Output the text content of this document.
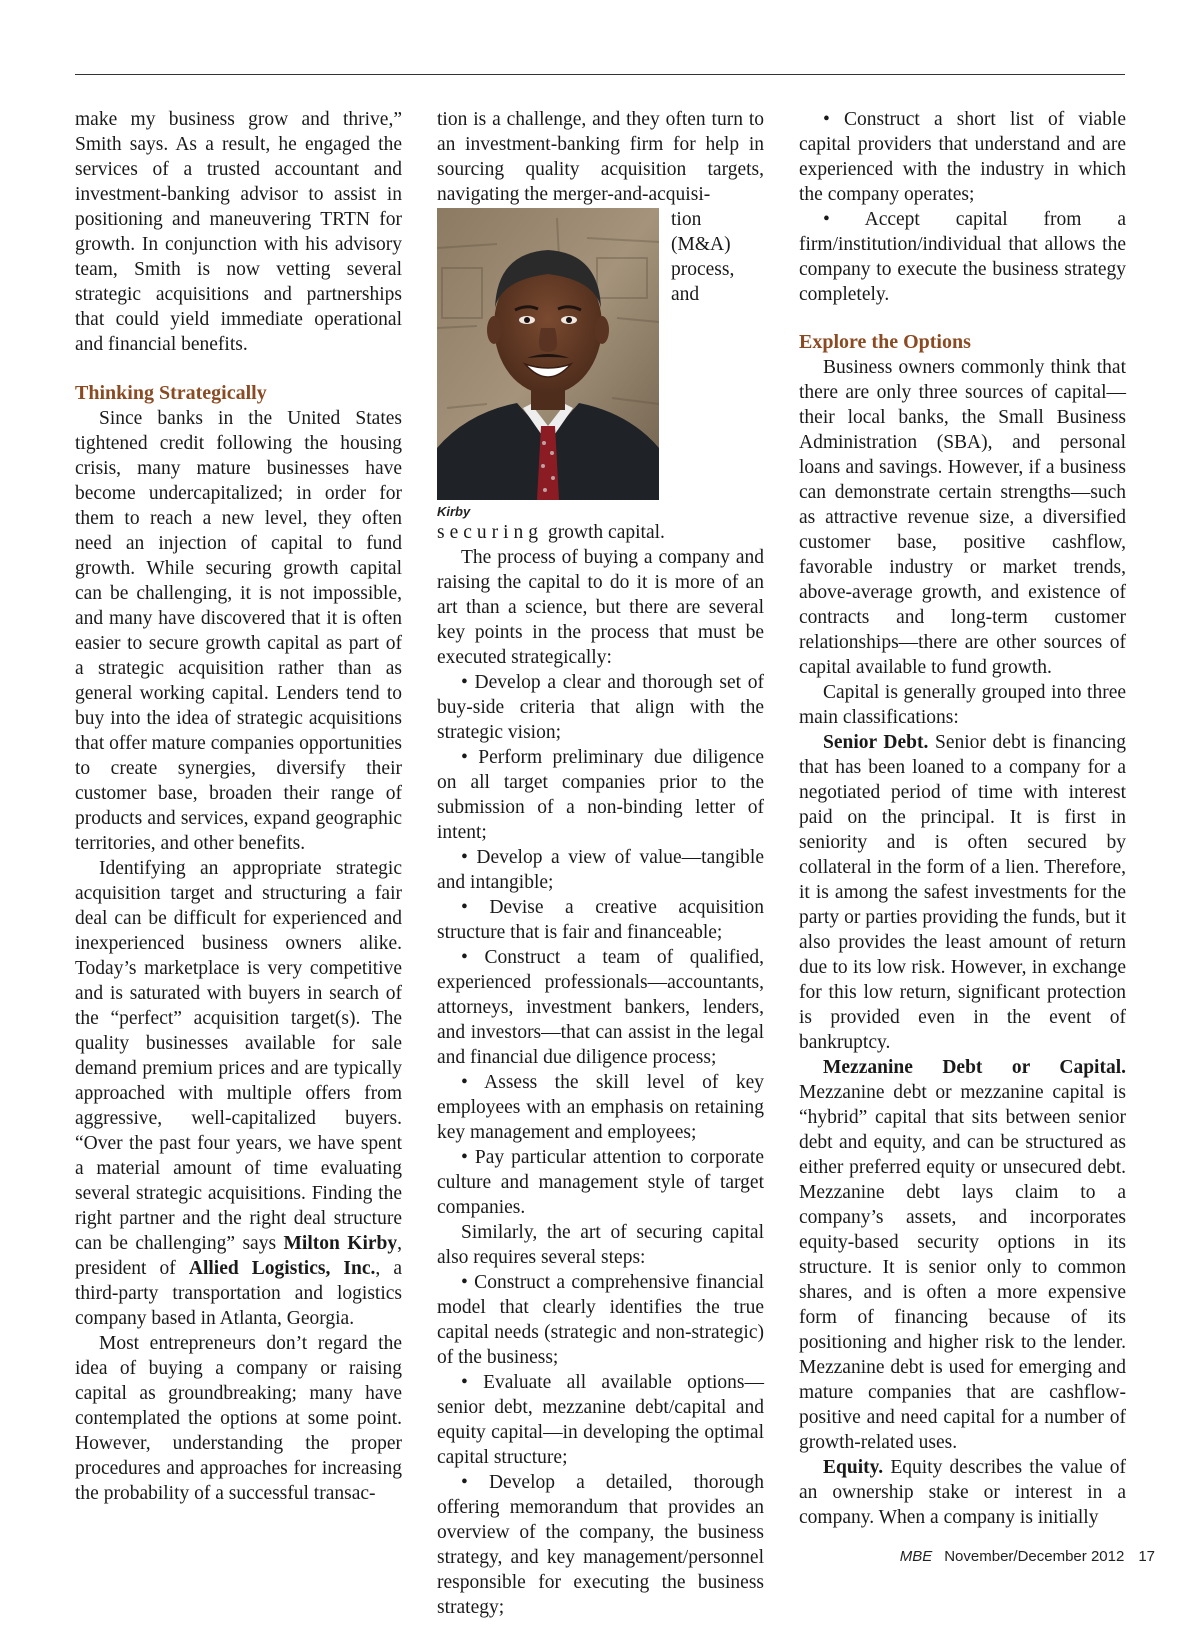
make my business grow and thrive,” Smith says. As a result, he engaged the services of a trusted accountant and investment-banking advisor to assist in positioning and maneuvering TRTN for growth. In conjunction with his advisory team, Smith is now vetting several strategic acquisitions and partnerships that could yield immediate operational and financial benefits.

Thinking Strategically

Since banks in the United States tightened credit following the housing crisis, many mature businesses have become undercapitalized; in order for them to reach a new level, they often need an injection of capital to fund growth. While securing growth capital can be challenging, it is not impossible, and many have discovered that it is often easier to secure growth capital as part of a strategic acquisition rather than as general working capital. Lenders tend to buy into the idea of strategic acquisitions that offer mature companies opportunities to create synergies, diversify their customer base, broaden their range of products and services, expand geographic territories, and other benefits.

Identifying an appropriate strategic acquisition target and structuring a fair deal can be difficult for experienced and inexperienced business owners alike. Today’s marketplace is very competitive and is saturated with buyers in search of the “perfect” acquisition target(s). The quality businesses available for sale demand premium prices and are typically approached with multiple offers from aggressive, well-capitalized buyers. “Over the past four years, we have spent a material amount of time evaluating several strategic acquisitions. Finding the right partner and the right deal structure can be challenging” says Milton Kirby, president of Allied Logistics, Inc., a third-party transportation and logistics company based in Atlanta, Georgia.

Most entrepreneurs don’t regard the idea of buying a company or raising capital as groundbreaking; many have contemplated the options at some point. However, understanding the proper procedures and approaches for increasing the probability of a successful transac-

tion is a challenge, and they often turn to an investment-banking firm for help in sourcing quality acquisition targets, navigating the merger-and-acquisi-

Kirby

tion (M&A) process, and securing growth capital.

The process of buying a company and raising the capital to do it is more of an art than a science, but there are several key points in the process that must be executed strategically:

• Develop a clear and thorough set of buy-side criteria that align with the strategic vision;

• Perform preliminary due diligence on all target companies prior to the submission of a non-binding letter of intent;

• Develop a view of value—tangible and intangible;

• Devise a creative acquisition structure that is fair and financeable;

• Construct a team of qualified, experienced professionals—accountants, attorneys, investment bankers, lenders, and investors—that can assist in the legal and financial due diligence process;

• Assess the skill level of key employees with an emphasis on retaining key management and employees;

• Pay particular attention to corporate culture and management style of target companies.

Similarly, the art of securing capital also requires several steps:

• Construct a comprehensive financial model that clearly identifies the true capital needs (strategic and non-strategic) of the business;

• Evaluate all available options—senior debt, mezzanine debt/capital and equity capital—in developing the optimal capital structure;

• Develop a detailed, thorough offering memorandum that provides an overview of the company, the business strategy, and key management/personnel responsible for executing the business strategy;

• Construct a short list of viable capital providers that understand and are experienced with the industry in which the company operates;

• Accept capital from a firm/institution/individual that allows the company to execute the business strategy completely.

Explore the Options

Business owners commonly think that there are only three sources of capital—their local banks, the Small Business Administration (SBA), and personal loans and savings. However, if a business can demonstrate certain strengths—such as attractive revenue size, a diversified customer base, positive cashflow, favorable industry or market trends, above-average growth, and existence of contracts and long-term customer relationships—there are other sources of capital available to fund growth.

Capital is generally grouped into three main classifications:

Senior Debt. Senior debt is financing that has been loaned to a company for a negotiated period of time with interest paid on the principal. It is first in seniority and is often secured by collateral in the form of a lien. Therefore, it is among the safest investments for the party or parties providing the funds, but it also provides the least amount of return due to its low risk. However, in exchange for this low return, significant protection is provided even in the event of bankruptcy.

Mezzanine Debt or Capital. Mezzanine debt or mezzanine capital is “hybrid” capital that sits between senior debt and equity, and can be structured as either preferred equity or unsecured debt. Mezzanine debt lays claim to a company’s assets, and incorporates equity-based security options in its structure. It is senior only to common shares, and is often a more expensive form of financing because of its positioning and higher risk to the lender. Mezzanine debt is used for emerging and mature companies that are cashflow-positive and need capital for a number of growth-related uses.

Equity. Equity describes the value of an ownership stake or interest in a company. When a company is initially

MBE November/December 2012 17
